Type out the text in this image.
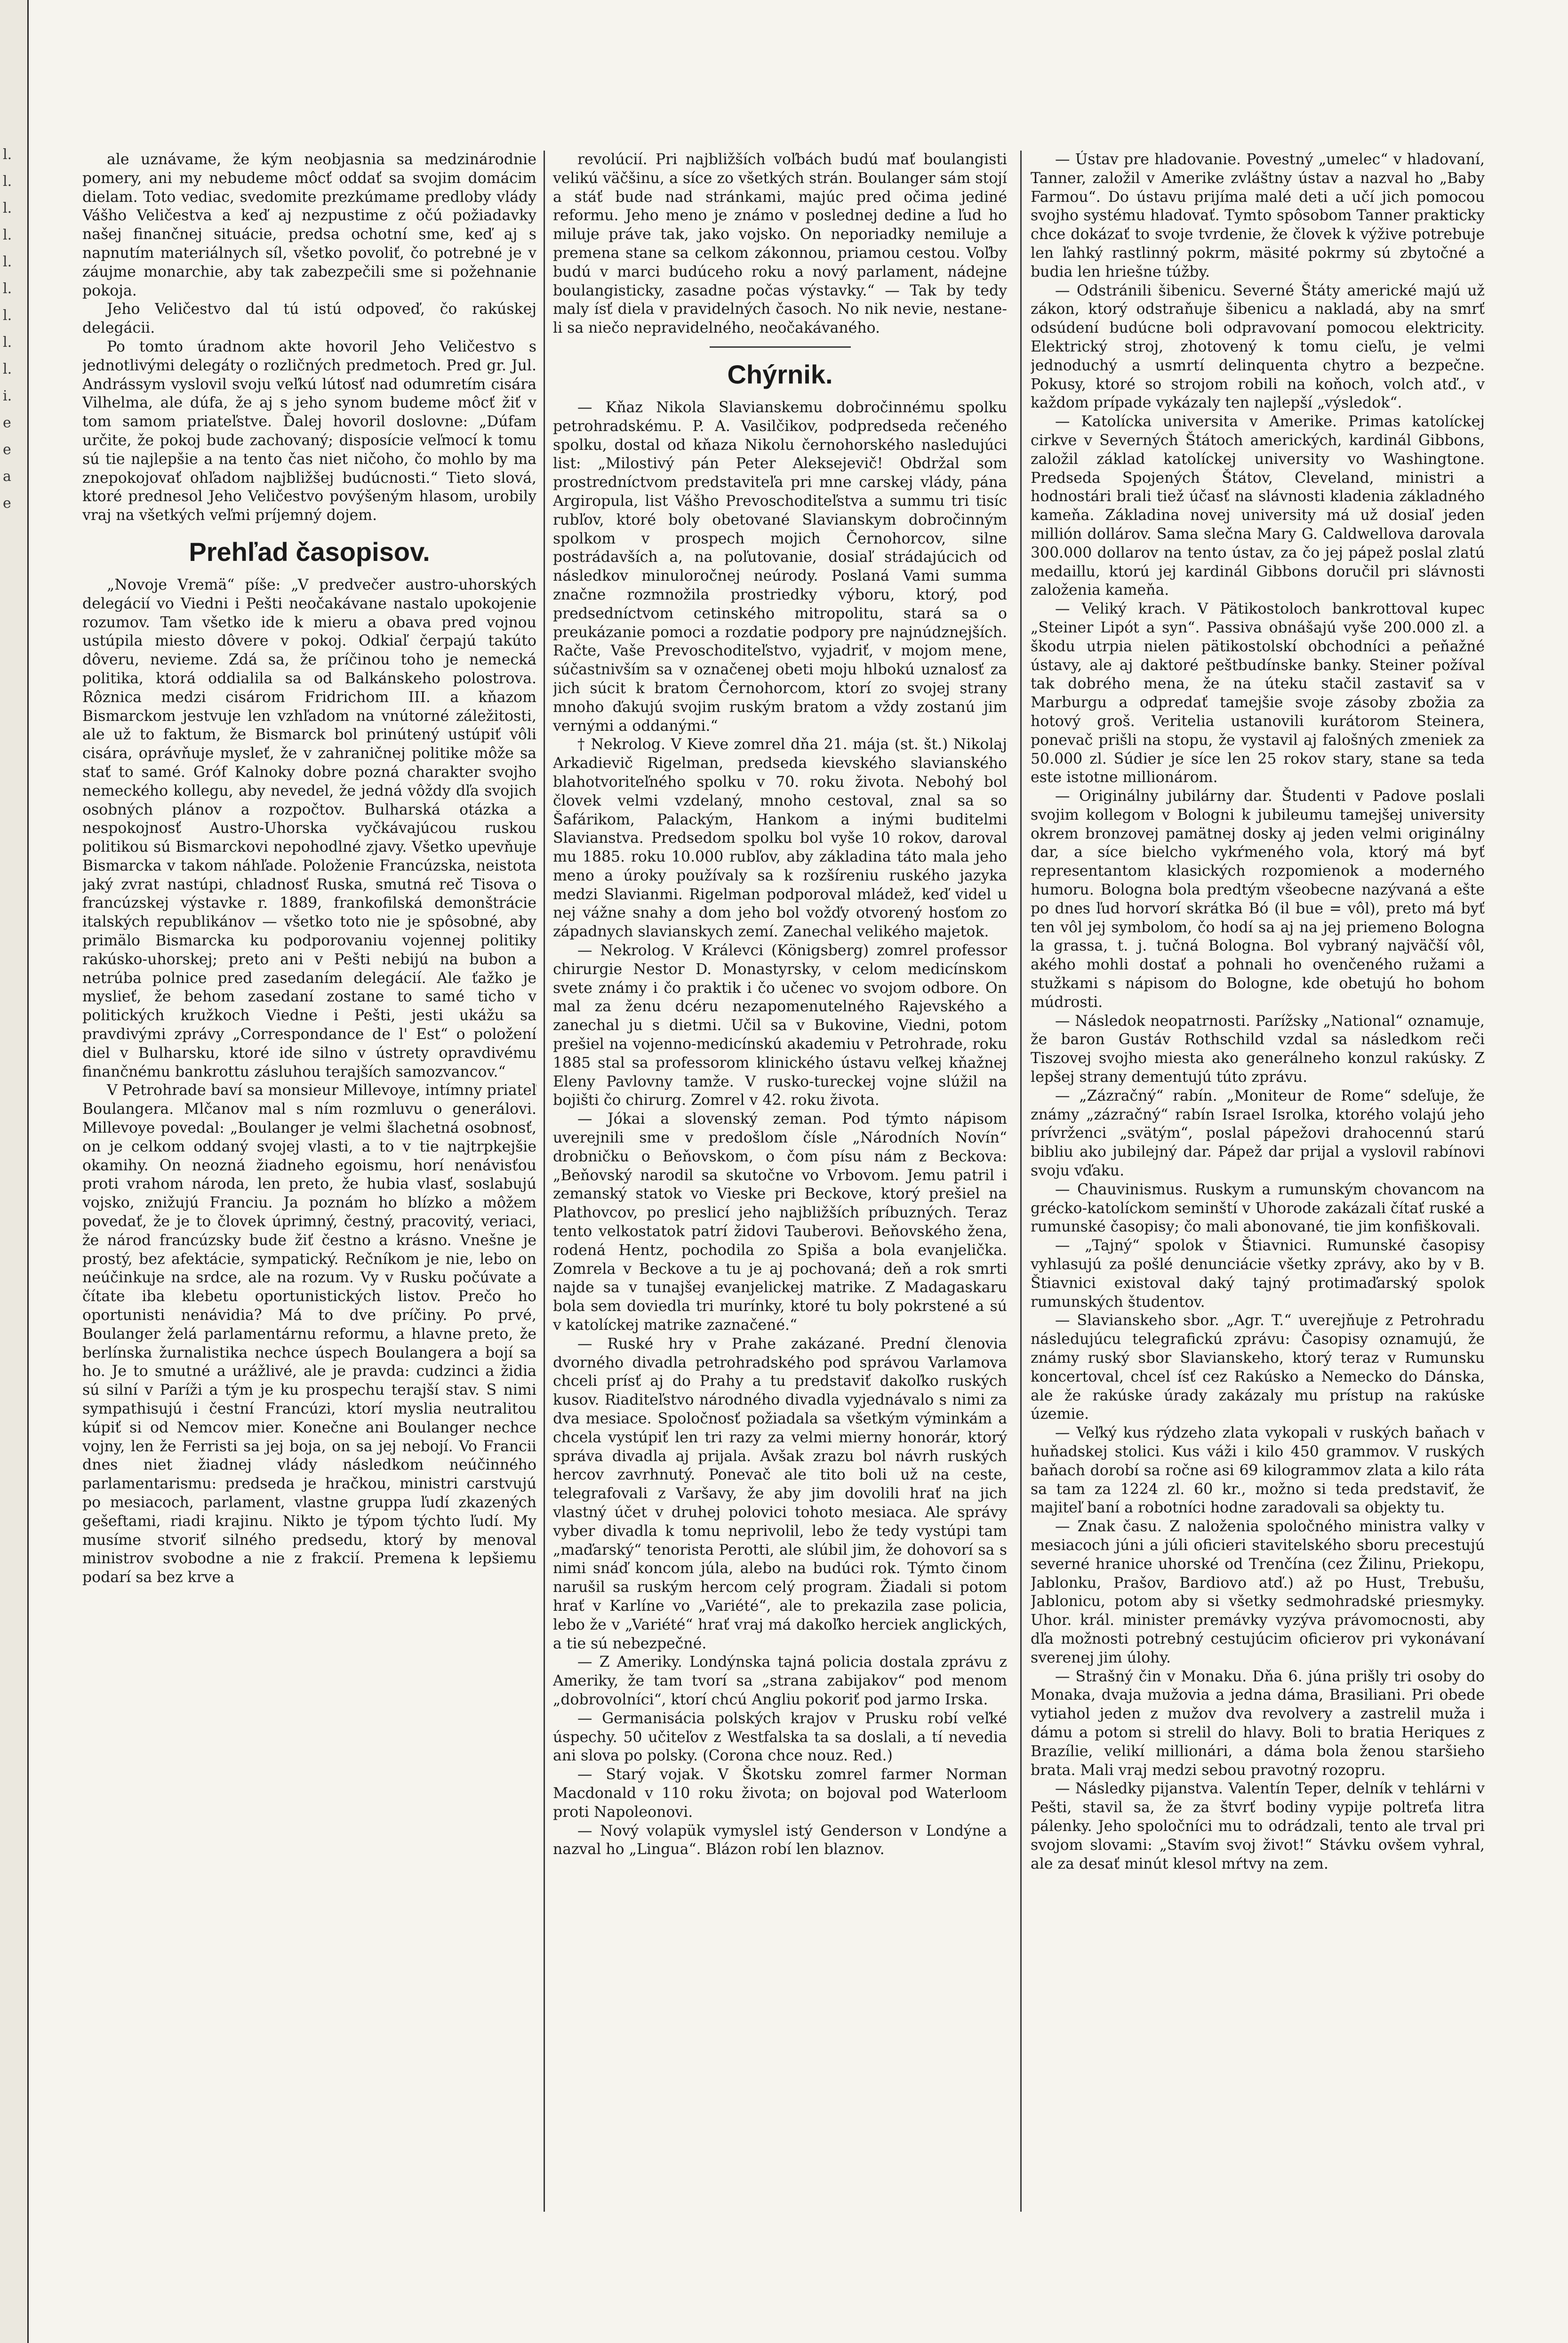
l. l. l. l. l. l. l. l. l. i. e e a e

ale uznávame, že kým neobjasnia sa medzinárodnie pomery, ani my nebudeme môcť oddať sa svojim domácim dielam. Toto vediac, svedomite prezkúmame predloby vlády Vášho Veličestva a keď aj nezpustime z očú požiadavky našej finančnej situácie, predsa ochotní sme, keď aj s napnutím materiálnych síl, všetko povoliť, čo potrebné je v záujme monarchie, aby tak zabezpečili sme si požehnanie pokoja.

Jeho Veličestvo dal tú istú odpoveď, čo rakúskej delegácii.

Po tomto úradnom akte hovoril Jeho Veličestvo s jednotlivými delegáty o rozličných predmetoch. Pred gr. Jul. Andrássym vyslovil svoju veľkú lútosť nad odumretím cisára Vilhelma, ale dúfa, že aj s jeho synom budeme môcť žiť v tom samom priateľstve. Ďalej hovoril doslovne: „Dúfam určite, že pokoj bude zachovaný; disposície veľmocí k tomu sú tie najlepšie a na tento čas niet ničoho, čo mohlo by ma znepokojovať ohľadom najbližšej budúcnosti.“ Tieto slová, ktoré prednesol Jeho Veličestvo povýšeným hlasom, urobily vraj na všetkých veľmi príjemný dojem.

Prehľad časopisov.

„Novoje Vremä“ píše: „V predvečer austro-uhorských delegácií vo Viedni i Pešti neočakávane nastalo upokojenie rozumov. Tam všetko ide k mieru a obava pred vojnou ustúpila miesto dôvere v pokoj. Odkiaľ čerpajú takúto dôveru, nevieme. Zdá sa, že príčinou toho je nemecká politika, ktorá oddialila sa od Balkánskeho polostrova. Rôznica medzi cisárom Fridrichom III. a kňazom Bismarckom jestvuje len vzhľadom na vnútorné záležitosti, ale už to faktum, že Bismarck bol prinútený ustúpiť vôli cisára, oprávňuje mysleť, že v zahraničnej politike môže sa stať to samé. Gróf Kalnoky dobre pozná charakter svojho nemeckého kollegu, aby nevedel, že jedná vôždy dľa svojich osobných plánov a rozpočtov. Bulharská otázka a nespokojnosť Austro-Uhorska vyčkávajúcou ruskou politikou sú Bismarckovi nepohodlné zjavy. Všetko upevňuje Bismarcka v takom náhľade. Položenie Francúzska, neistota jaký zvrat nastúpi, chladnosť Ruska, smutná reč Tisova o francúzskej výstavke r. 1889, frankofilská demonštrácie italských republikánov — všetko toto nie je spôsobné, aby primälo Bismarcka ku podporovaniu vojennej politiky rakúsko-uhorskej; preto ani v Pešti nebijú na bubon a netrúba polnice pred zasedaním delegácií. Ale ťažko je myslieť, že behom zasedaní zostane to samé ticho v politických kružkoch Viedne i Pešti, jesti ukážu sa pravdivými zprávy „Correspondance de l' Est“ o položení diel v Bulharsku, ktoré ide silno v ústrety opravdivému finančnému bankrottu zásluhou terajších samozvancov.“

V Petrohrade baví sa monsieur Millevoye, intímny priateľ Boulangera. Mlčanov mal s ním rozmluvu o generálovi. Millevoye povedal: „Boulanger je velmi šlachetná osobnosť, on je celkom oddaný svojej vlasti, a to v tie najtrpkejšie okamihy. On neozná žiadneho egoismu, horí nenávisťou proti vrahom národa, len preto, že hubia vlasť, soslabujú vojsko, znižujú Franciu. Ja poznám ho blízko a môžem povedať, že je to človek úprimný, čestný, pracovitý, veriaci, že národ francúzsky bude žiť čestno a krásno. Vnešne je prostý, bez afektácie, sympatický. Rečníkom je nie, lebo on neúčinkuje na srdce, ale na rozum. Vy v Rusku počúvate a čítate iba klebetu oportunistických listov. Prečo ho oportunisti nenávidia? Má to dve príčiny. Po prvé, Boulanger želá parlamentárnu reformu, a hlavne preto, že berlínska žurnalistika nechce úspech Boulangera a bojí sa ho. Je to smutné a urážlivé, ale je pravda: cudzinci a židia sú silní v Paríži a tým je ku prospechu terajší stav. S nimi sympathisujú i čestní Francúzi, ktorí myslia neutralitou kúpiť si od Nemcov mier. Konečne ani Boulanger nechce vojny, len že Ferristi sa jej boja, on sa jej nebojí. Vo Francii dnes niet žiadnej vlády následkom neúčinného parlamentarismu: predseda je hračkou, ministri carstvujú po mesiacoch, parlament, vlastne gruppa ľudí zkazených gešeftami, riadi krajinu. Nikto je týpom týchto ľudí. My musíme stvoriť silného predsedu, ktorý by menoval ministrov svobodne a nie z frakcií. Premena k lepšiemu podarí sa bez krve a

revolúcií. Pri najbližších voľbách budú mať boulangisti velikú väčšinu, a síce zo všetkých strán. Boulanger sám stojí a stáť bude nad stránkami, majúc pred očima jediné reformu. Jeho meno je známo v poslednej dedine a ľud ho miluje práve tak, jako vojsko. On neporiadky nemiluje a premena stane sa celkom zákonnou, priamou cestou. Voľby budú v marci budúceho roku a nový parlament, nádejne boulangisticky, zasadne počas výstavky.“ — Tak by tedy maly ísť diela v pravidelných časoch. No nik nevie, nestane-li sa niečo nepravidelného, neočakávaného.

Chýrnik.

— Kňaz Nikola Slavianskemu dobročinnému spolku petrohradskému. P. A. Vasilčikov, podpredseda rečeného spolku, dostal od kňaza Nikolu černohorského nasledujúci list: „Milostivý pán Peter Aleksejevič! Obdržal som prostredníctvom predstaviteľa pri mne carskej vlády, pána Argiropula, list Vášho Prevoschoditeľstva a summu tri tisíc rubľov, ktoré boly obetované Slavianskym dobročinným spolkom v prospech mojich Černohorcov, silne postrádavších a, na poľutovanie, dosiaľ strádajúcich od následkov minuloročnej neúrody. Poslaná Vami summa značne rozmnožila prostriedky výboru, ktorý, pod predsedníctvom cetinského mitropolitu, stará sa o preukázanie pomoci a rozdatie podpory pre najnúdznejších. Račte, Vaše Prevoschoditeľstvo, vyjadriť, v mojom mene, súčastnivším sa v označenej obeti moju hlbokú uznalosť za jich súcit k bratom Černohorcom, ktorí zo svojej strany mnoho ďakujú svojim ruským bratom a vždy zostanú jim vernými a oddanými.“

† Nekrolog. V Kieve zomrel dňa 21. mája (st. št.) Nikolaj Arkadievič Rigelman, predseda kievského slavianského blahotvoriteľného spolku v 70. roku života. Nebohý bol človek velmi vzdelaný, mnoho cestoval, znal sa so Šafárikom, Palackým, Hankom a inými buditelmi Slavianstva. Predsedom spolku bol vyše 10 rokov, daroval mu 1885. roku 10.000 rubľov, aby základina táto mala jeho meno a úroky používaly sa k rozšíreniu ruského jazyka medzi Slavianmi. Rigelman podporoval mládež, keď videl u nej vážne snahy a dom jeho bol vožďy otvorený hosťom zo západnych slavianskych zemí. Zanechal velikého majetok.

— Nekrolog. V Králevci (Königsberg) zomrel professor chirurgie Nestor D. Monastyrsky, v celom medicínskom svete známy i čo praktik i čo učenec vo svojom odbore. On mal za ženu dcéru nezapomenutelného Rajevského a zanechal ju s dietmi. Učil sa v Bukovine, Viedni, potom prešiel na vojenno-medicínskú akademiu v Petrohrade, roku 1885 stal sa professorom klinického ústavu veľkej kňažnej Eleny Pavlovny tamže. V rusko-tureckej vojne slúžil na bojišti čo chirurg. Zomrel v 42. roku života.

— Jókai a slovenský zeman. Pod týmto nápisom uverejnili sme v predošlom čísle „Národních Novín“ drobničku o Beňovskom, o čom písu nám z Beckova: „Beňovský narodil sa skutočne vo Vrbovom. Jemu patril i zemanský statok vo Vieske pri Beckove, ktorý prešiel na Plathovcov, po preslicí jeho najbližších príbuzných. Teraz tento velkostatok patrí židovi Tauberovi. Beňovského žena, rodená Hentz, pochodila zo Spiša a bola evanjelička. Zomrela v Beckove a tu je aj pochovaná; deň a rok smrti najde sa v tunajšej evanjelickej matrike. Z Madagaskaru bola sem doviedla tri murínky, ktoré tu boly pokrstené a sú v katolíckej matrike zaznačené.“

— Ruské hry v Prahe zakázané. Prední členovia dvorného divadla petrohradského pod správou Varlamova chceli prísť aj do Prahy a tu predstaviť dakoľko ruských kusov. Riaditeľstvo národného divadla vyjednávalo s nimi za dva mesiace. Spoločnosť požiadala sa všetkým výminkám a chcela vystúpiť len tri razy za velmi mierny honorár, ktorý správa divadla aj prijala. Avšak zrazu bol návrh ruských hercov zavrhnutý. Ponevač ale tito boli už na ceste, telegrafovali z Varšavy, že aby jim dovolili hrať na jich vlastný účet v druhej polovici tohoto mesiaca. Ale správy vyber divadla k tomu neprivolil, lebo že tedy vystúpi tam „maďarský“ tenorista Perotti, ale slúbil jim, že dohovorí sa s nimi snáď koncom júla, alebo na budúci rok. Týmto činom narušil sa ruským hercom celý program. Žiadali si potom hrať v Karlíne vo „Variété“, ale to prekazila zase policia, lebo že v „Variété“ hrať vraj má dakoľko herciek anglických, a tie sú nebezpečné.

— Z Ameriky. Londýnska tajná policia dostala zprávu z Ameriky, že tam tvorí sa „strana zabijakov“ pod menom „dobrovolníci“, ktorí chcú Angliu pokoriť pod jarmo Irska.

— Germanisácia polských krajov v Prusku robí veľké úspechy. 50 učiteľov z Westfalska ta sa doslali, a tí nevedia ani slova po polsky. (Corona chce nouz. Red.)

— Starý vojak. V Škotsku zomrel farmer Norman Macdonald v 110 roku života; on bojoval pod Waterloom proti Napoleonovi.

— Nový volapük vymyslel istý Genderson v Londýne a nazval ho „Lingua“. Blázon robí len blaznov.

— Ústav pre hladovanie. Povestný „umelec“ v hladovaní, Tanner, založil v Amerike zvláštny ústav a nazval ho „Baby Farmou“. Do ústavu prijíma malé deti a učí jich pomocou svojho systému hladovať. Tymto spôsobom Tanner prakticky chce dokázať to svoje tvrdenie, že človek k výžive potrebuje len ľahký rastlinný pokrm, mäsité pokrmy sú zbytočné a budia len hriešne túžby.

— Odstránili šibenicu. Severné Štáty americké majú už zákon, ktorý odstraňuje šibenicu a nakladá, aby na smrť odsúdení budúcne boli odpravovaní pomocou elektricity. Elektrický stroj, zhotovený k tomu cieľu, je velmi jednoduchý a usmrtí delinquenta chytro a bezpečne. Pokusy, ktoré so strojom robili na koňoch, volch atď., v každom prípade vykázaly ten najlepší „výsledok“.

— Katolícka universita v Amerike. Primas katolíckej cirkve v Severných Štátoch amerických, kardinál Gibbons, založil základ katolíckej university vo Washingtone. Predseda Spojených Štátov, Cleveland, ministri a hodnostári brali tiež účasť na slávnosti kladenia základného kameňa. Základina novej university má už dosiaľ jeden millión dollárov. Sama slečna Mary G. Caldwellova darovala 300.000 dollarov na tento ústav, za čo jej pápež poslal zlatú medaillu, ktorú jej kardinál Gibbons doručil pri slávnosti založenia kameňa.

— Veliký krach. V Pätikostoloch bankrottoval kupec „Steiner Lipót a syn“. Passiva obnášajú vyše 200.000 zl. a škodu utrpia nielen pätikostolskí obchodníci a peňažné ústavy, ale aj daktoré peštbudínske banky. Steiner požíval tak dobrého mena, že na úteku stačil zastaviť sa v Marburgu a odpredať tamejšie svoje zásoby zbožia za hotový groš. Veritelia ustanovili kurátorom Steinera, ponevač prišli na stopu, že vystavil aj falošných zmeniek za 50.000 zl. Súdier je síce len 25 rokov stary, stane sa teda este istotne millionárom.

— Originálny jubilárny dar. Študenti v Padove poslali svojim kollegom v Bologni k jubileumu tamejšej university okrem bronzovej pamätnej dosky aj jeden velmi originálny dar, a síce bielcho vykŕmeného vola, ktorý má byť representantom klasických rozpomienok a moderného humoru. Bologna bola predtým všeobecne nazývaná a ešte po dnes ľud horvorí skrátka Bó (il bue = vôl), preto má byť ten vôl jej symbolom, čo hodí sa aj na jej priemeno Bologna la grassa, t. j. tučná Bologna. Bol vybraný najväčší vôl, akého mohli dostať a pohnali ho ovenčeného ružami a stužkami s nápisom do Bologne, kde obetujú ho bohom múdrosti.

— Následok neopatrnosti. Parížsky „National“ oznamuje, že baron Gustáv Rothschild vzdal sa následkom reči Tiszovej svojho miesta ako generálneho konzul rakúsky. Z lepšej strany dementujú túto zprávu.

— „Zázračný“ rabín. „Moniteur de Rome“ sdeľuje, že známy „zázračný“ rabín Israel Isrolka, ktorého volajú jeho prívrženci „svätým“, poslal pápežovi drahocennú starú bibliu ako jubilejný dar. Pápež dar prijal a vyslovil rabínovi svoju vďaku.

— Chauvinismus. Ruskym a rumunským chovancom na grécko-katolíckom seminští v Uhorode zakázali čítať ruské a rumunské časopisy; čo mali abonované, tie jim konfiškovali.

— „Tajný“ spolok v Štiavnici. Rumunské časopisy vyhlasujú za pošlé denunciácie všetky zprávy, ako by v B. Štiavnici existoval daký tajný protimaďarský spolok rumunských študentov.

— Slavianskeho sbor. „Agr. T.“ uverejňuje z Petrohradu následujúcu telegrafickú zprávu: Časopisy oznamujú, že známy ruský sbor Slavianskeho, ktorý teraz v Rumunsku koncertoval, chcel ísť cez Rakúsko a Nemecko do Dánska, ale že rakúske úrady zakázaly mu prístup na rakúske územie.

— Veľký kus rýdzeho zlata vykopali v ruských baňach v huňadskej stolici. Kus váži i kilo 450 grammov. V ruských baňach dorobí sa ročne asi 69 kilogrammov zlata a kilo ráta sa tam za 1224 zl. 60 kr., možno si teda predstaviť, že majiteľ baní a robotníci hodne zaradovali sa objekty tu.

— Znak času. Z naloženia spoločného ministra valky v mesiacoch júni a júli oficieri stavitelského sboru precestujú severné hranice uhorské od Trenčína (cez Žilinu, Priekopu, Jablonku, Prašov, Bardiovo atď.) až po Hust, Trebušu, Jablonicu, potom aby si všetky sedmohradské priesmyky. Uhor. král. minister premávky vyzýva právomocnosti, aby dľa možnosti potrebný cestujúcim oficierov pri vykonávaní sverenej jim úlohy.

— Strašný čin v Monaku. Dňa 6. júna prišly tri osoby do Monaka, dvaja mužovia a jedna dáma, Brasiliani. Pri obede vytiahol jeden z mužov dva revolvery a zastrelil muža i dámu a potom si strelil do hlavy. Boli to bratia Heriques z Brazílie, velikí millionári, a dáma bola ženou staršieho brata. Mali vraj medzi sebou pravotný rozopru.

— Následky pijanstva. Valentín Teper, delník v tehlárni v Pešti, stavil sa, že za štvrť bodiny vypije poltreťa litra pálenky. Jeho spoločníci mu to odrádzali, tento ale trval pri svojom slovami: „Stavím svoj život!“ Stávku ovšem vyhral, ale za desať minút klesol mŕtvy na zem.
